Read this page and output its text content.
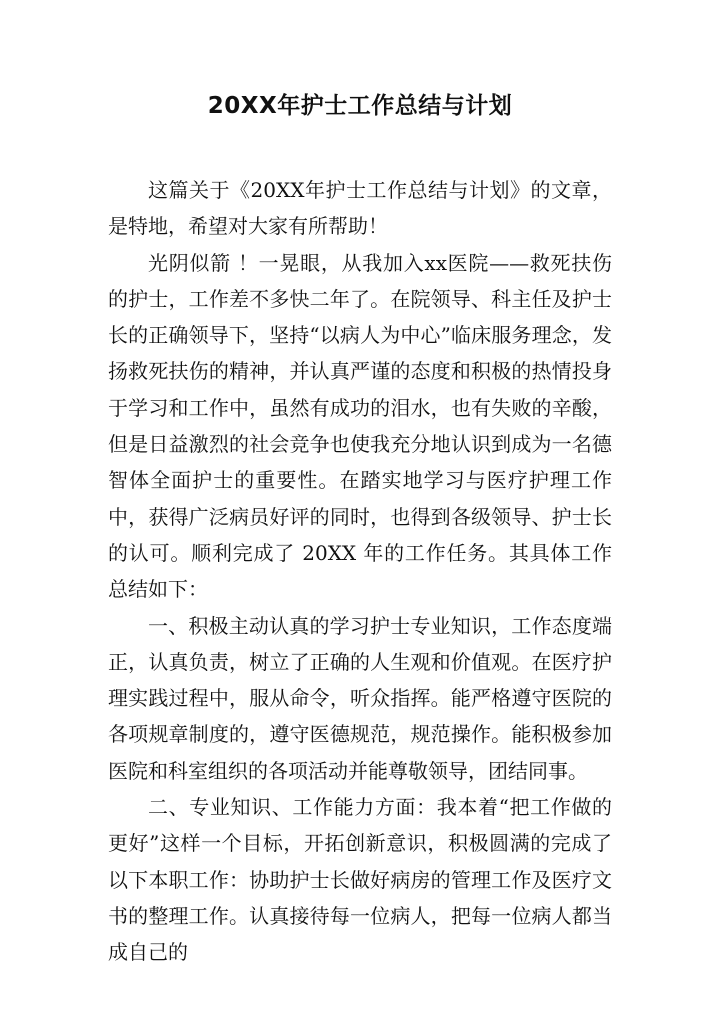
20XX年护士工作总结与计划

这篇关于《20XX年护士工作总结与计划》的文章，是特地，希望对大家有所帮助！

光阴似箭 ！一晃眼，从我加入xx医院——救死扶伤的护士，工作差不多快二年了。在院领导、科主任及护士长的正确领导下，坚持“以病人为中心”临床服务理念，发扬救死扶伤的精神，并认真严谨的态度和积极的热情投身于学习和工作中，虽然有成功的泪水，也有失败的辛酸，但是日益激烈的社会竞争也使我充分地认识到成为一名德智体全面护士的重要性。在踏实地学习与医疗护理工作中，获得广泛病员好评的同时，也得到各级领导、护士长的认可。顺利完成了 20XX 年的工作任务。其具体工作总结如下：

一、积极主动认真的学习护士专业知识，工作态度端正，认真负责，树立了正确的人生观和价值观。在医疗护理实践过程中，服从命令，听众指挥。能严格遵守医院的各项规章制度的，遵守医德规范，规范操作。能积极参加医院和科室组织的各项活动并能尊敬领导，团结同事。

二、专业知识、工作能力方面：我本着“把工作做的更好”这样一个目标，开拓创新意识，积极圆满的完成了以下本职工作：协助护士长做好病房的管理工作及医疗文书的整理工作。认真接待每一位病人，把每一位病人都当成自己的
